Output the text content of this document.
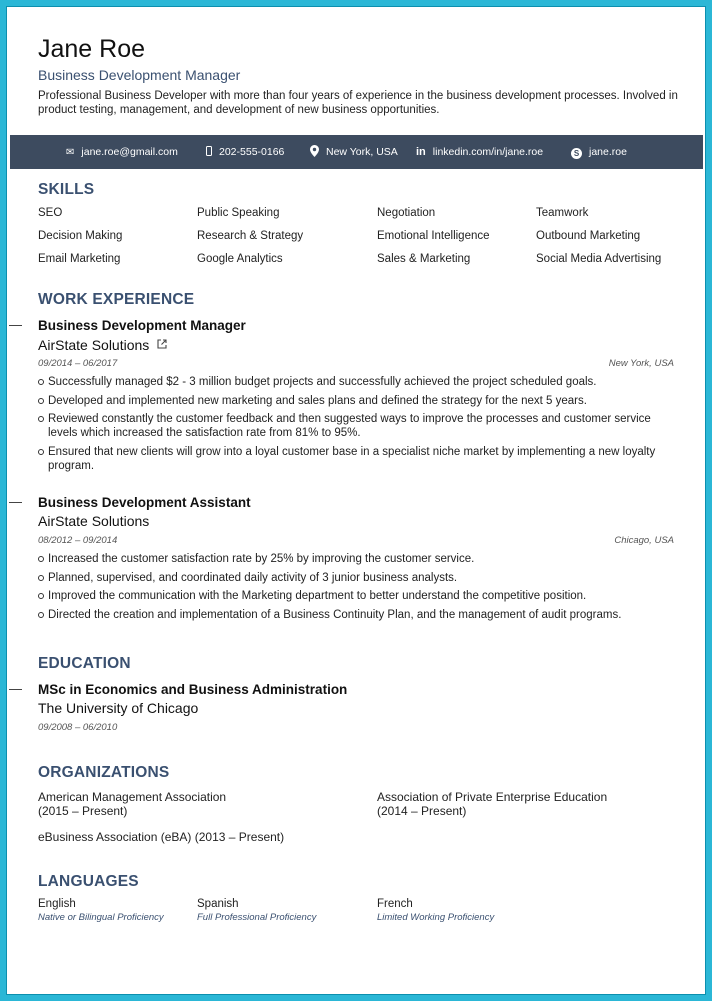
Jane Roe
Business Development Manager
Professional Business Developer with more than four years of experience in the business development processes. Involved in product testing, management, and development of new business opportunities.
✉ jane.roe@gmail.com	202-555-0166	New York, USA in linkedin.com/in/jane.roe	S jane.roe
SKILLS
SEO	Public Speaking	Negotiation	Teamwork
Decision Making	Research & Strategy	Emotional Intelligence	Outbound Marketing
Email Marketing	Google Analytics	Sales & Marketing	Social Media Advertising
WORK EXPERIENCE
Business Development Manager
AirState Solutions
09/2014 – 06/2017	New York, USA
Successfully managed $2 - 3 million budget projects and successfully achieved the project scheduled goals.
Developed and implemented new marketing and sales plans and defined the strategy for the next 5 years.
Reviewed constantly the customer feedback and then suggested ways to improve the processes and customer service levels which increased the satisfaction rate from 81% to 95%.
Ensured that new clients will grow into a loyal customer base in a specialist niche market by implementing a new loyalty program.
Business Development Assistant
AirState Solutions
08/2012 – 09/2014	Chicago, USA
Increased the customer satisfaction rate by 25% by improving the customer service.
Planned, supervised, and coordinated daily activity of 3 junior business analysts.
Improved the communication with the Marketing department to better understand the competitive position.
Directed the creation and implementation of a Business Continuity Plan, and the management of audit programs.
EDUCATION
MSc in Economics and Business Administration
The University of Chicago
09/2008 – 06/2010
ORGANIZATIONS
American Management Association
(2015 – Present)
Association of Private Enterprise Education
(2014 – Present)
eBusiness Association (eBA) (2013 – Present)
LANGUAGES
English
Native or Bilingual Proficiency
Spanish
Full Professional Proficiency
French
Limited Working Proficiency
